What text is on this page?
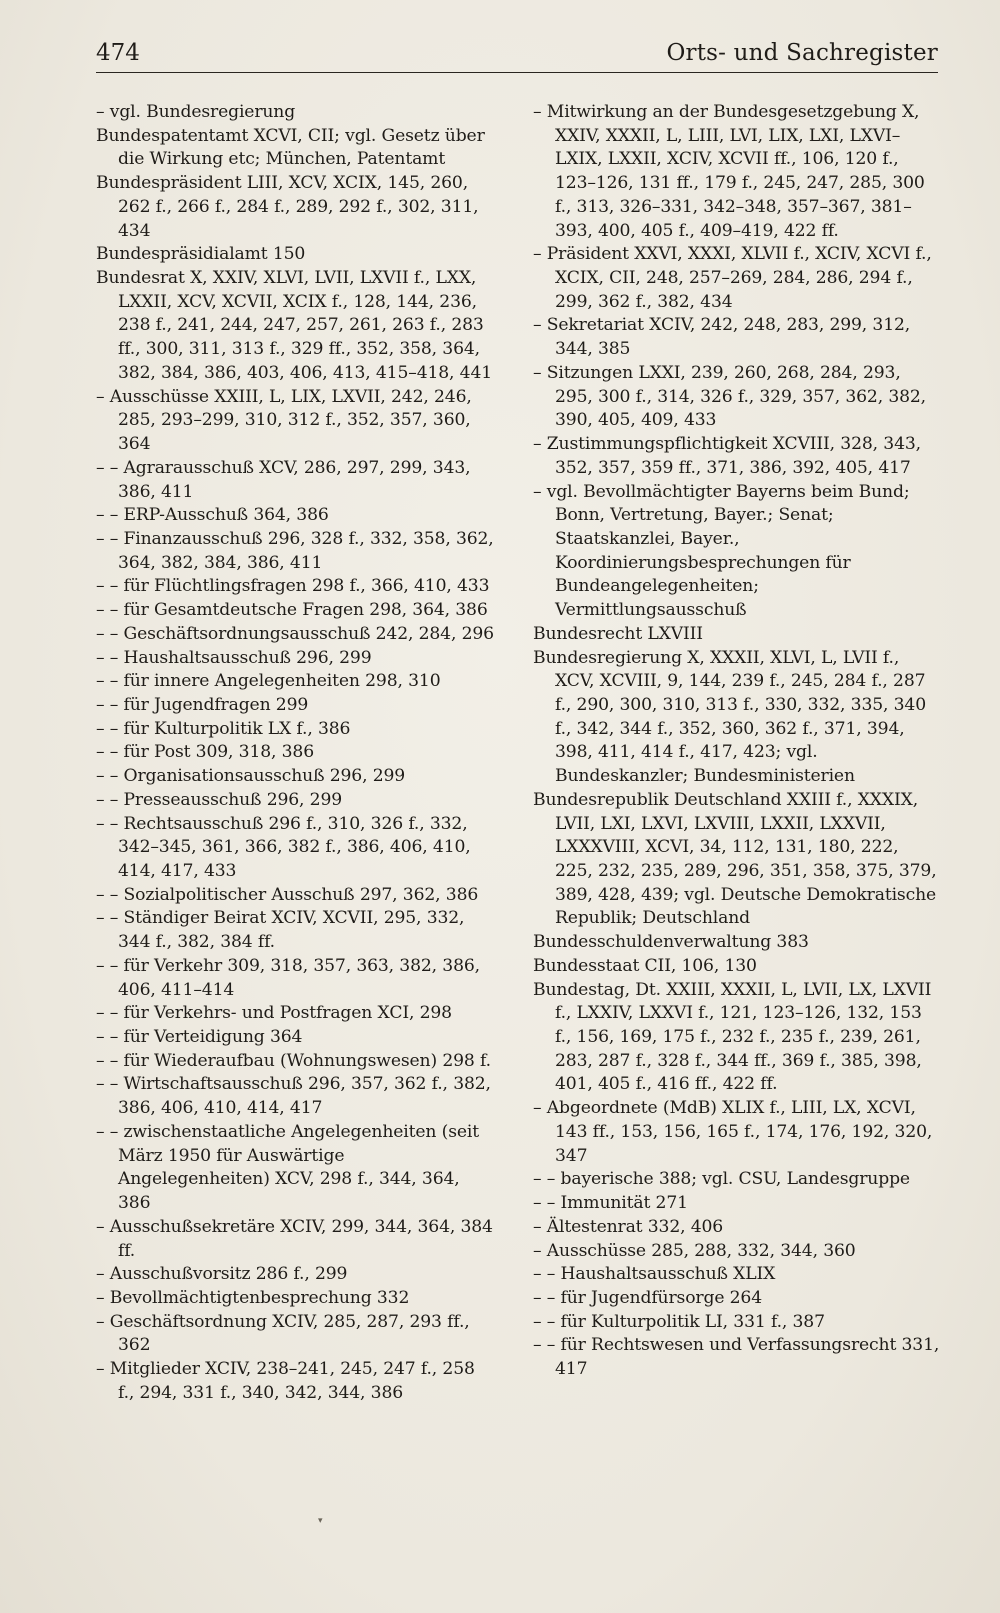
474	Orts- und Sachregister
– vgl. Bundesregierung
Bundespatentamt XCVI, CII; vgl. Gesetz über die Wirkung etc; München, Patentamt
Bundespräsident LIII, XCV, XCIX, 145, 260, 262 f., 266 f., 284 f., 289, 292 f., 302, 311, 434
Bundespräsidialamt 150
Bundesrat X, XXIV, XLVI, LVII, LXVII f., LXX, LXXII, XCV, XCVII, XCIX f., 128, 144, 236, 238 f., 241, 244, 247, 257, 261, 263 f., 283 ff., 300, 311, 313 f., 329 ff., 352, 358, 364, 382, 384, 386, 403, 406, 413, 415–418, 441
– Ausschüsse XXIII, L, LIX, LXVII, 242, 246, 285, 293–299, 310, 312 f., 352, 357, 360, 364
– – Agrarausschuß XCV, 286, 297, 299, 343, 386, 411
– – ERP-Ausschuß 364, 386
– – Finanzausschuß 296, 328 f., 332, 358, 362, 364, 382, 384, 386, 411
– – für Flüchtlingsfragen 298 f., 366, 410, 433
– – für Gesamtdeutsche Fragen 298, 364, 386
– – Geschäftsordnungsausschuß 242, 284, 296
– – Haushaltsausschuß 296, 299
– – für innere Angelegenheiten 298, 310
– – für Jugendfragen 299
– – für Kulturpolitik LX f., 386
– – für Post 309, 318, 386
– – Organisationsausschuß 296, 299
– – Presseausschuß 296, 299
– – Rechtsausschuß 296 f., 310, 326 f., 332, 342–345, 361, 366, 382 f., 386, 406, 410, 414, 417, 433
– – Sozialpolitischer Ausschuß 297, 362, 386
– – Ständiger Beirat XCIV, XCVII, 295, 332, 344 f., 382, 384 ff.
– – für Verkehr 309, 318, 357, 363, 382, 386, 406, 411–414
– – für Verkehrs- und Postfragen XCI, 298
– – für Verteidigung 364
– – für Wiederaufbau (Wohnungswesen) 298 f.
– – Wirtschaftsausschuß 296, 357, 362 f., 382, 386, 406, 410, 414, 417
– – zwischenstaatliche Angelegenheiten (seit März 1950 für Auswärtige Angelegenheiten) XCV, 298 f., 344, 364, 386
– Ausschußsekretäre XCIV, 299, 344, 364, 384 ff.
– Ausschußvorsitz 286 f., 299
– Bevollmächtigtenbesprechung 332
– Geschäftsordnung XCIV, 285, 287, 293 ff., 362
– Mitglieder XCIV, 238–241, 245, 247 f., 258 f., 294, 331 f., 340, 342, 344, 386
– Mitwirkung an der Bundesgesetzgebung X, XXIV, XXXII, L, LIII, LVI, LIX, LXI, LXVI–LXIX, LXXII, XCIV, XCVII ff., 106, 120 f., 123–126, 131 ff., 179 f., 245, 247, 285, 300 f., 313, 326–331, 342–348, 357–367, 381–393, 400, 405 f., 409–419, 422 ff.
– Präsident XXVI, XXXI, XLVII f., XCIV, XCVI f., XCIX, CII, 248, 257–269, 284, 286, 294 f., 299, 362 f., 382, 434
– Sekretariat XCIV, 242, 248, 283, 299, 312, 344, 385
– Sitzungen LXXI, 239, 260, 268, 284, 293, 295, 300 f., 314, 326 f., 329, 357, 362, 382, 390, 405, 409, 433
– Zustimmungspflichtigkeit XCVIII, 328, 343, 352, 357, 359 ff., 371, 386, 392, 405, 417
– vgl. Bevollmächtigter Bayerns beim Bund; Bonn, Vertretung, Bayer.; Senat; Staatskanzlei, Bayer., Koordinierungsbesprechungen für Bundeangelegenheiten; Vermittlungsausschuß
Bundesrecht LXVIII
Bundesregierung X, XXXII, XLVI, L, LVII f., XCV, XCVIII, 9, 144, 239 f., 245, 284 f., 287 f., 290, 300, 310, 313 f., 330, 332, 335, 340 f., 342, 344 f., 352, 360, 362 f., 371, 394, 398, 411, 414 f., 417, 423; vgl. Bundeskanzler; Bundesministerien
Bundesrepublik Deutschland XXIII f., XXXIX, LVII, LXI, LXVI, LXVIII, LXXII, LXXVII, LXXXVIII, XCVI, 34, 112, 131, 180, 222, 225, 232, 235, 289, 296, 351, 358, 375, 379, 389, 428, 439; vgl. Deutsche Demokratische Republik; Deutschland
Bundesschuldenverwaltung 383
Bundesstaat CII, 106, 130
Bundestag, Dt. XXIII, XXXII, L, LVII, LX, LXVII f., LXXIV, LXXVI f., 121, 123–126, 132, 153 f., 156, 169, 175 f., 232 f., 235 f., 239, 261, 283, 287 f., 328 f., 344 ff., 369 f., 385, 398, 401, 405 f., 416 ff., 422 ff.
– Abgeordnete (MdB) XLIX f., LIII, LX, XCVI, 143 ff., 153, 156, 165 f., 174, 176, 192, 320, 347
– – bayerische 388; vgl. CSU, Landesgruppe
– – Immunität 271
– Ältestenrat 332, 406
– Ausschüsse 285, 288, 332, 344, 360
– – Haushaltsausschuß XLIX
– – für Jugendfürsorge 264
– – für Kulturpolitik LI, 331 f., 387
– – für Rechtswesen und Verfassungsrecht 331, 417
▾
